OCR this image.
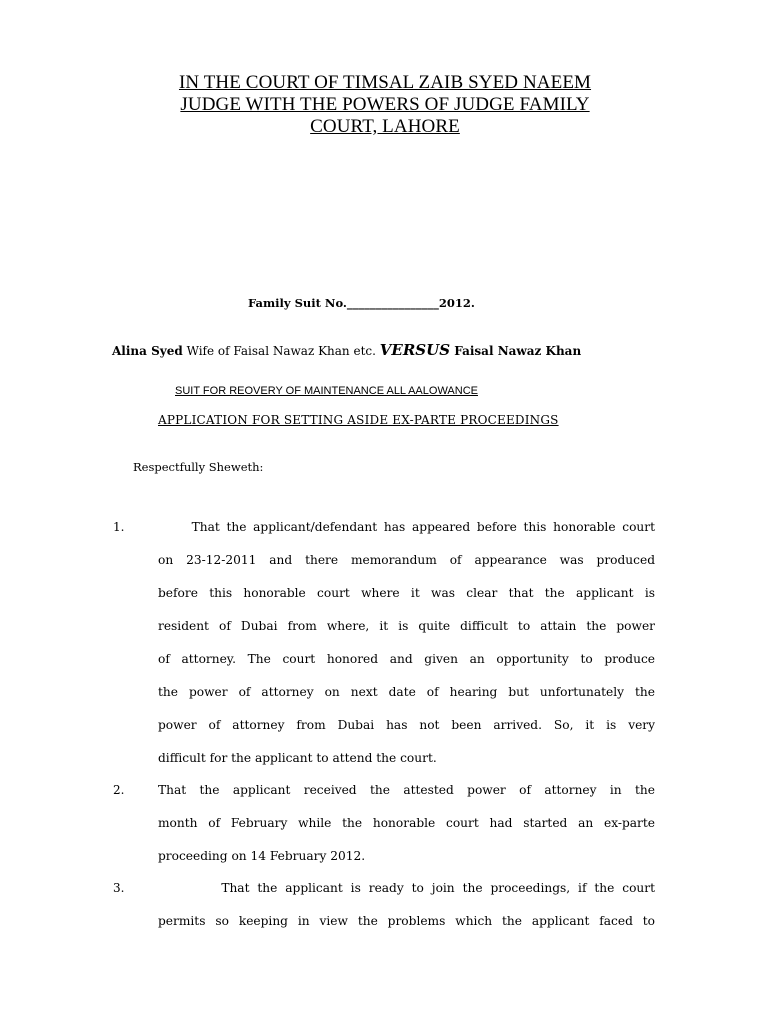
IN THE COURT OF TIMSAL ZAIB SYED NAEEM
JUDGE WITH THE POWERS OF JUDGE FAMILY
COURT, LAHORE
Family Suit No.________________2012.
Alina Syed Wife of Faisal Nawaz Khan etc. VERSUS Faisal Nawaz Khan
SUIT FOR REOVERY OF MAINTENANCE ALL AALOWANCE
APPLICATION FOR SETTING ASIDE EX-PARTE PROCEEDINGS
Respectfully Sheweth:
1.	That the applicant/defendant has appeared before this honorable court
on 23-12-2011 and there memorandum of appearance was produced
before this honorable court where it was clear that the applicant is
resident of Dubai from where, it is quite difficult to attain the power
of attorney. The court honored and given an opportunity to produce
the power of attorney on next date of hearing but unfortunately the
power of attorney from Dubai has not been arrived. So, it is very
difficult for the applicant to attend the court.
2.	That the applicant received the attested power of attorney in the
month of February while the honorable court had started an ex-parte
proceeding on 14 February 2012.
3.	That the applicant is ready to join the proceedings, if the court
permits so keeping in view the problems which the applicant faced to
